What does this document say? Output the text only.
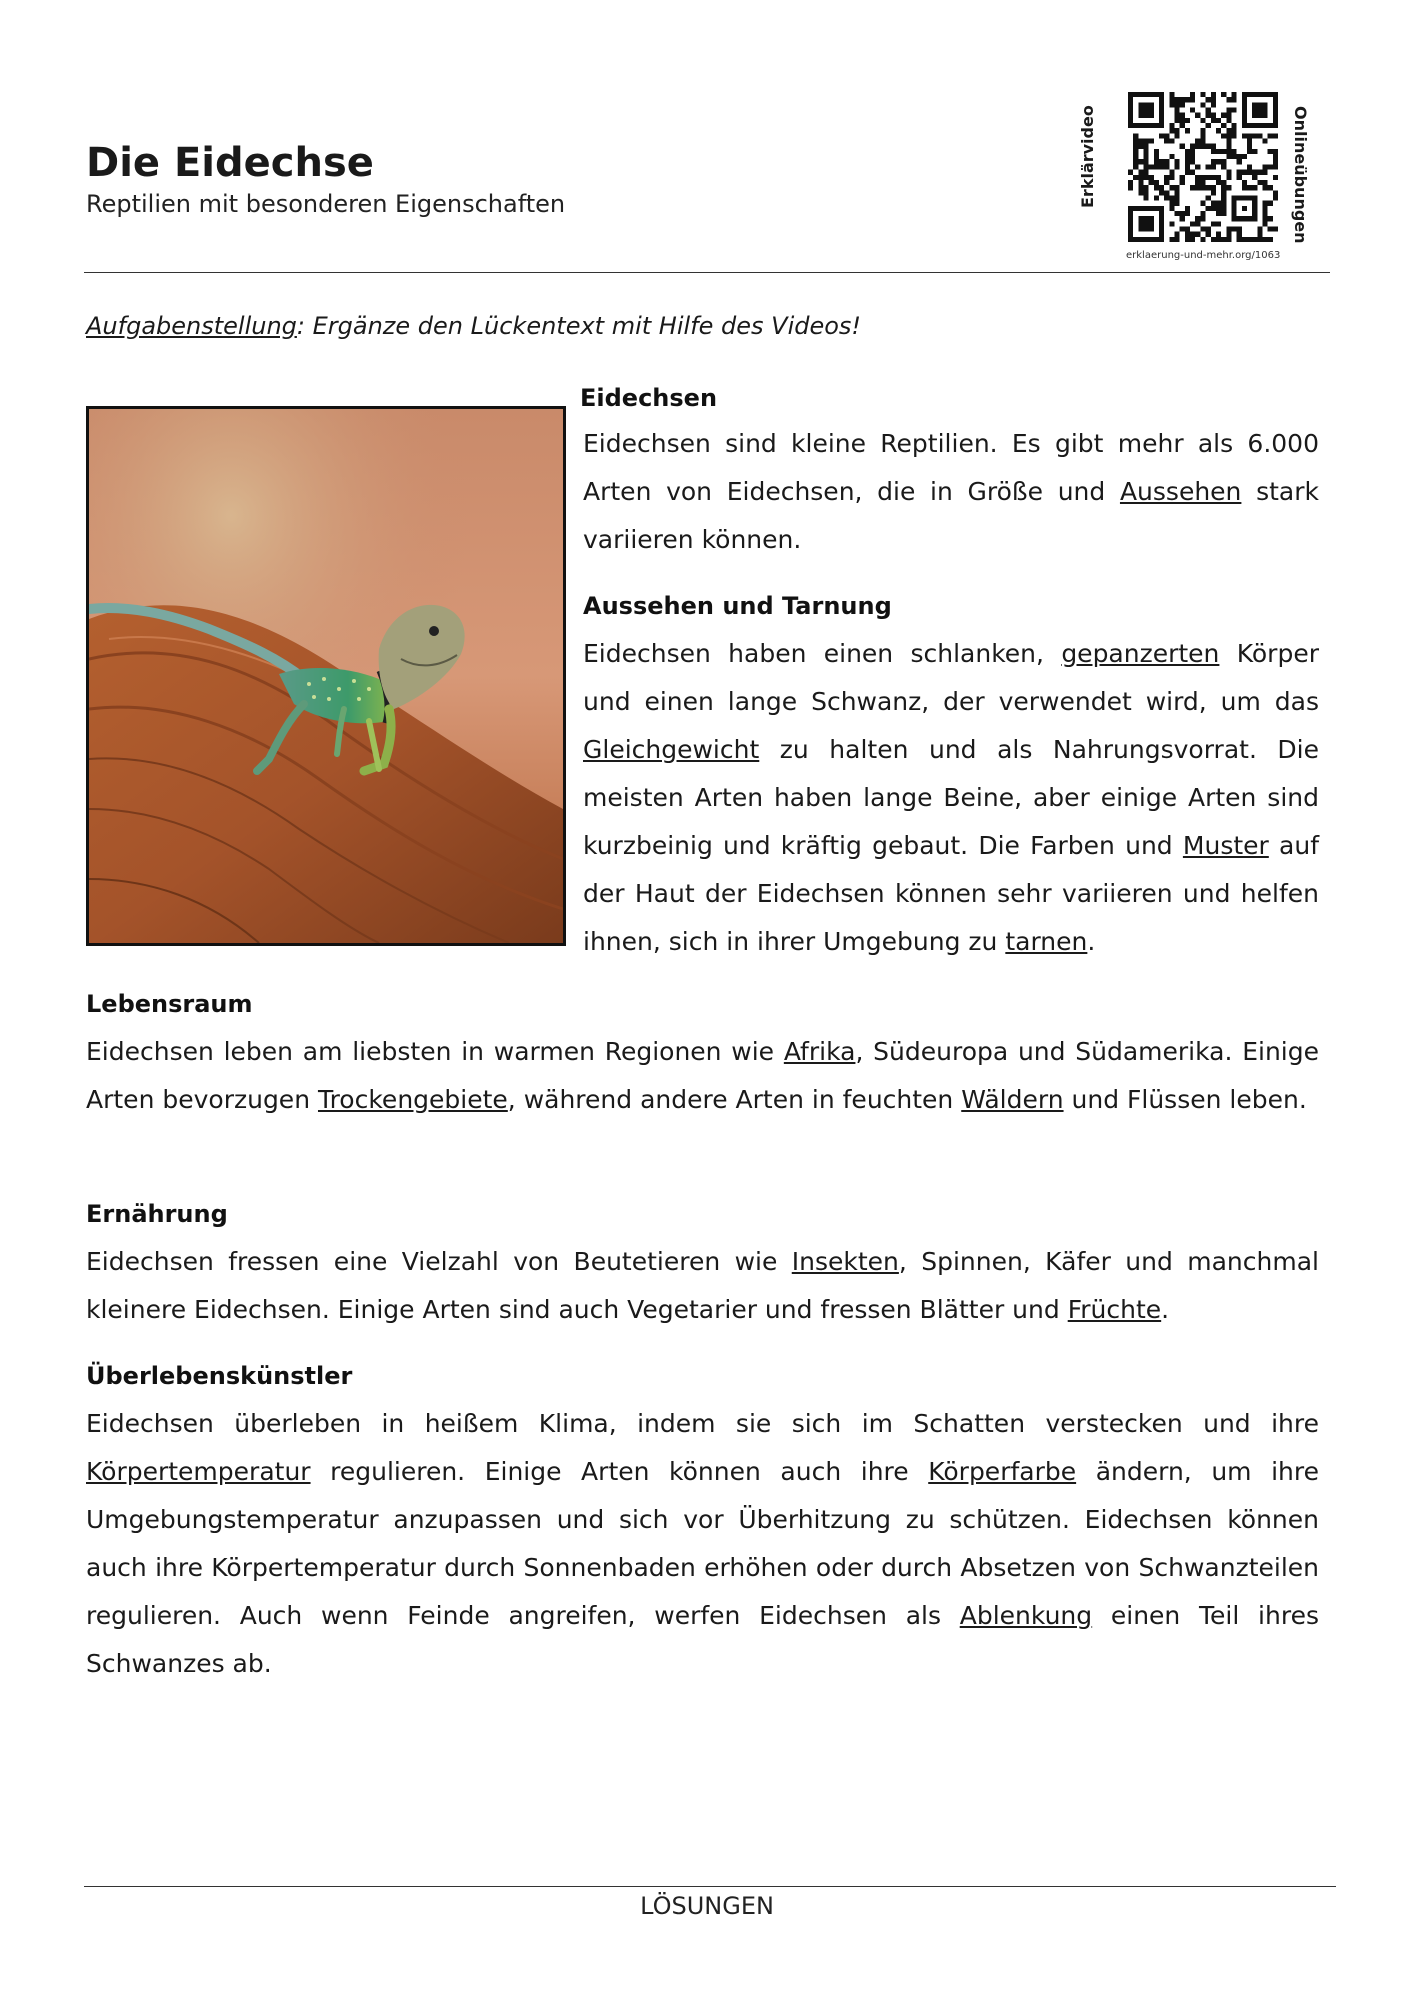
Die Eidechse
Reptilien mit besonderen Eigenschaften	Erklärvideo	Onlineübungen
erklaerung-und-mehr.org/1063
Aufgabenstellung: Ergänze den Lückentext mit Hilfe des Videos!
Eidechsen
Eidechsen sind kleine Reptilien. Es gibt mehr als 6.000 Arten von Eidechsen, die in Größe und Aussehen stark variieren können.
Aussehen und Tarnung
Eidechsen haben einen schlanken, gepanzerten Körper und einen lange Schwanz, der verwendet wird, um das Gleichgewicht zu halten und als Nahrungsvorrat. Die meisten Arten haben lange Beine, aber einige Arten sind kurzbeinig und kräftig gebaut. Die Farben und Muster auf der Haut der Eidechsen können sehr variieren und helfen ihnen, sich in ihrer Umgebung zu tarnen.
Lebensraum
Eidechsen leben am liebsten in warmen Regionen wie Afrika, Südeuropa und Südamerika. Einige Arten bevorzugen Trockengebiete, während andere Arten in feuchten Wäldern und Flüssen leben.
Ernährung
Eidechsen fressen eine Vielzahl von Beutetieren wie Insekten, Spinnen, Käfer und manchmal kleinere Eidechsen. Einige Arten sind auch Vegetarier und fressen Blätter und Früchte.
Überlebenskünstler
Eidechsen überleben in heißem Klima, indem sie sich im Schatten verstecken und ihre Körpertemperatur regulieren. Einige Arten können auch ihre Körperfarbe ändern, um ihre Umgebungstemperatur anzupassen und sich vor Überhitzung zu schützen. Eidechsen können auch ihre Körpertemperatur durch Sonnenbaden erhöhen oder durch Absetzen von Schwanzteilen regulieren. Auch wenn Feinde angreifen, werfen Eidechsen als Ablenkung einen Teil ihres Schwanzes ab.
LÖSUNGEN
